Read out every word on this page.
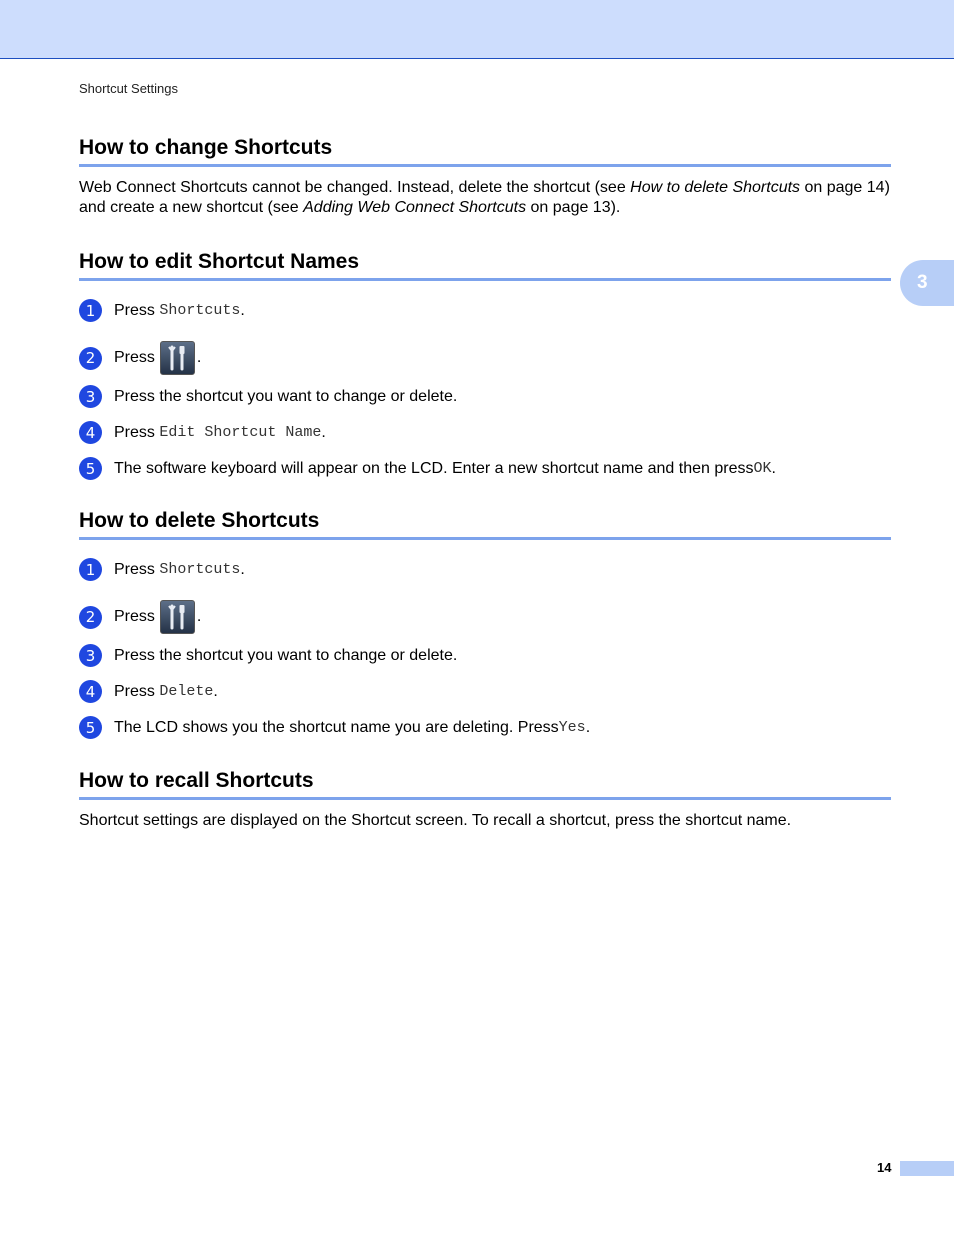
Shortcut Settings
3
How to change Shortcuts
Web Connect Shortcuts cannot be changed. Instead, delete the shortcut (see How to delete Shortcuts on page 14) and create a new shortcut (see Adding Web Connect Shortcuts on page 13).
How to edit Shortcut Names
1	Press
Shortcuts .
2	Press	.
3	Press the shortcut you want to change or delete.
4	Press
Edit Shortcut Name .
5	The software keyboard will appear on the LCD. Enter a new shortcut name and then press OK .
How to delete Shortcuts
1	Press
Shortcuts .
2	Press	.
3	Press the shortcut you want to change or delete.
4	Press
Delete .
5	The LCD shows you the shortcut name you are deleting. Press Yes .
How to recall Shortcuts
Shortcut settings are displayed on the Shortcut screen. To recall a shortcut, press the shortcut name.
14
